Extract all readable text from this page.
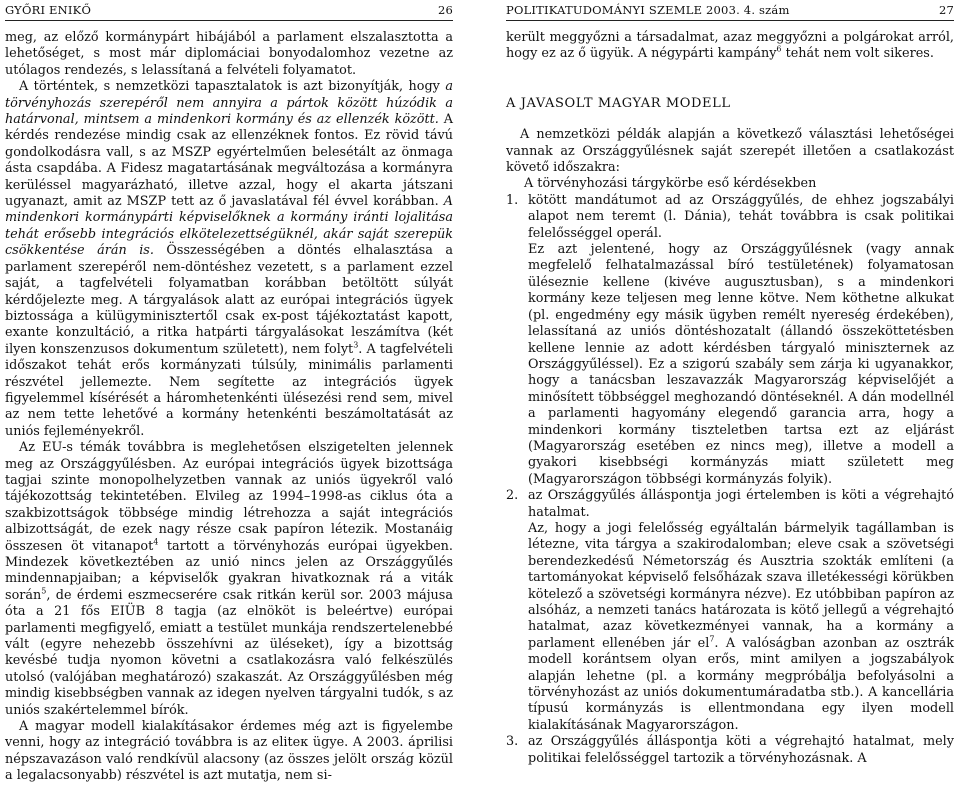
GYŐRI ENIKŐ	26

meg, az előző kormánypárt hibájából a parlament elszalasztotta a lehetőséget, s most már diplomáciai bonyodalomhoz vezetne az utólagos rendezés, s lelassítaná a felvételi folyamatot.

A történtek, s nemzetközi tapasztalatok is azt bizonyítják, hogy a törvényhozás szerepéről nem annyira a pártok között húzódik a határvonal, mintsem a mindenkori kormány és az ellenzék között. A kérdés rendezése mindig csak az ellenzéknek fontos. Ez rövid távú gondolkodásra vall, s az MSZP egyértelműen belesétált az önmaga ásta csapdába. A Fidesz magatartásának megváltozása a kormányra kerüléssel magyarázható, illetve azzal, hogy el akarta játszani ugyanazt, amit az MSZP tett az ő javaslatával fél évvel korábban. A mindenkori kormánypárti képviselőknek a kormány iránti lojalitása tehát erősebb integrációs elkötelezettségüknél, akár saját szerepük csökkentése árán is. Összességében a döntés elhalasztása a parlament szerepéről nem-döntéshez vezetett, s a parlament ezzel saját, a tagfelvételi folyamatban korábban betöltött súlyát kérdőjelezte meg. A tárgyalások alatt az európai integrációs ügyek biztossága a külügyminisztertől csak ex-post tájékoztatást kapott, exante konzultáció, a ritka hatpárti tárgyalásokat leszámítva (két ilyen konszenzusos dokumentum született), nem folyt$^3$. A tagfelvételi időszakot tehát erős kormányzati túlsúly, minimális parlamenti részvétel jellemezte. Nem segítette az integrációs ügyek figyelemmel kísérését a háromhetenkénti ülésezési rend sem, mivel az nem tette lehetővé a kormány hetenkénti beszámoltatását az uniós fejleményekről.

Az EU-s témák továbbra is meglehetősen elszigetelten jelennek meg az Országgyűlésben. Az európai integrációs ügyek bizottsága tagjai szinte monopolhelyzetben vannak az uniós ügyekről való tájékozottság tekintetében. Elvileg az 1994–1998-as ciklus óta a szakbizottságok többsége mindig létrehozza a saját integrációs albizottságát, de ezek nagy része csak papíron létezik. Mostanáig összesen öt vitanapot$^4$ tartott a törvényhozás európai ügyekben. Mindezek következtében az unió nincs jelen az Országgyűlés mindennapjaiban; a képviselők gyakran hivatkoznak rá a viták során$^5$, de érdemi eszmecserére csak ritkán kerül sor. 2003 májusa óta a 21 fős EIÜB 8 tagja (az elnököt is beleértve) európai parlamenti megfigyelő, emiatt a testület munkája rendszertelenebbé vált (egyre nehezebb összehívni az üléseket), így a bizottság kevésbé tudja nyomon követni a csatlakozásra való felkészülés utolsó (valójában meghatározó) szakaszát. Az Országgyűlésben még mindig kisebbségben vannak az idegen nyelven tárgyalni tudók, s az uniós szakértelemmel bírók.

A magyar modell kialakításakor érdemes még azt is figyelembe venni, hogy az integráció továbbra is az eliteк ügye. A 2003. áprilisi népszavazáson való rendkívül alacsony (az összes jelölt ország közül a legalacsonyabb) részvétel is azt mutatja, nem si-

POLITIKATUDOMÁNYI SZEMLE 2003. 4. szám	27

került meggyőzni a társadalmat, azaz meggyőzni a polgárokat arról, hogy ez az ő ügyük. A négypárti kampány$^6$ tehát nem volt sikeres.

A JAVASOLT MAGYAR MODELL

A nemzetközi példák alapján a következő választási lehetőségei vannak az Országgyűlésnek saját szerepét illetően a csatlakozást követő időszakra:

A törvényhozási tárgykörbe eső kérdésekben

1. kötött mandátumot ad az Országgyűlés, de ehhez jogszabályi alapot nem teremt (l. Dánia), tehát továbbra is csak politikai felelősséggel operál.

Ez azt jelentené, hogy az Országgyűlésnek (vagy annak megfelelő felhatalmazással bíró testületének) folyamatosan üléseznie kellene (kivéve augusztusban), s a mindenkori kormány keze teljesen meg lenne kötve. Nem köthetne alkukat (pl. engedmény egy másik ügyben remélt nyereség érdekében), lelassítaná az uniós döntéshozatalt (állandó összeköttetésben kellene lennie az adott kérdésben tárgyaló miniszternek az Országgyűléssel). Ez a szigorú szabály sem zárja ki ugyanakkor, hogy a tanácsban leszavazzák Magyarország képviselőjét a minősített többséggel meghozandó döntéseknél. A dán modellnél a parlamenti hagyomány elegendő garancia arra, hogy a mindenkori kormány tiszteletben tartsa ezt az eljárást (Magyarország esetében ez nincs meg), illetve a modell a gyakori kisebbségi kormányzás miatt született meg (Magyarországon többségi kormányzás folyik).

2. az Országgyűlés álláspontja jogi értelemben is köti a végrehajtó hatalmat.

Az, hogy a jogi felelősség egyáltalán bármelyik tagállamban is létezne, vita tárgya a szakirodalomban; eleve csak a szövetségi berendezkedésű Németország és Ausztria szokták említeni (a tartományokat képviselő felsőházak szava illetékességi körükben kötelező a szövetségi kormányra nézve). Ez utóbbiban papíron az alsóház, a nemzeti tanács határozata is kötő jellegű a végrehajtó hatalmat, azaz következményei vannak, ha a kormány a parlament ellenében jár $el^7$. A valóságban azonban az osztrák modell korántsem olyan erős, mint amilyen a jogszabályok alapján lehetne (pl. a kormány megpróbálja befolyásolni a törvényhozást az uniós dokumentumáradatba stb.). A kancellária típusú kormányzás is ellentmondana egy ilyen modell kialakításának Magyarországon.

3. az Országgyűlés álláspontja köti a végrehajtó hatalmat, mely politikai felelősséggel tartozik a törvényhozásnak. A
